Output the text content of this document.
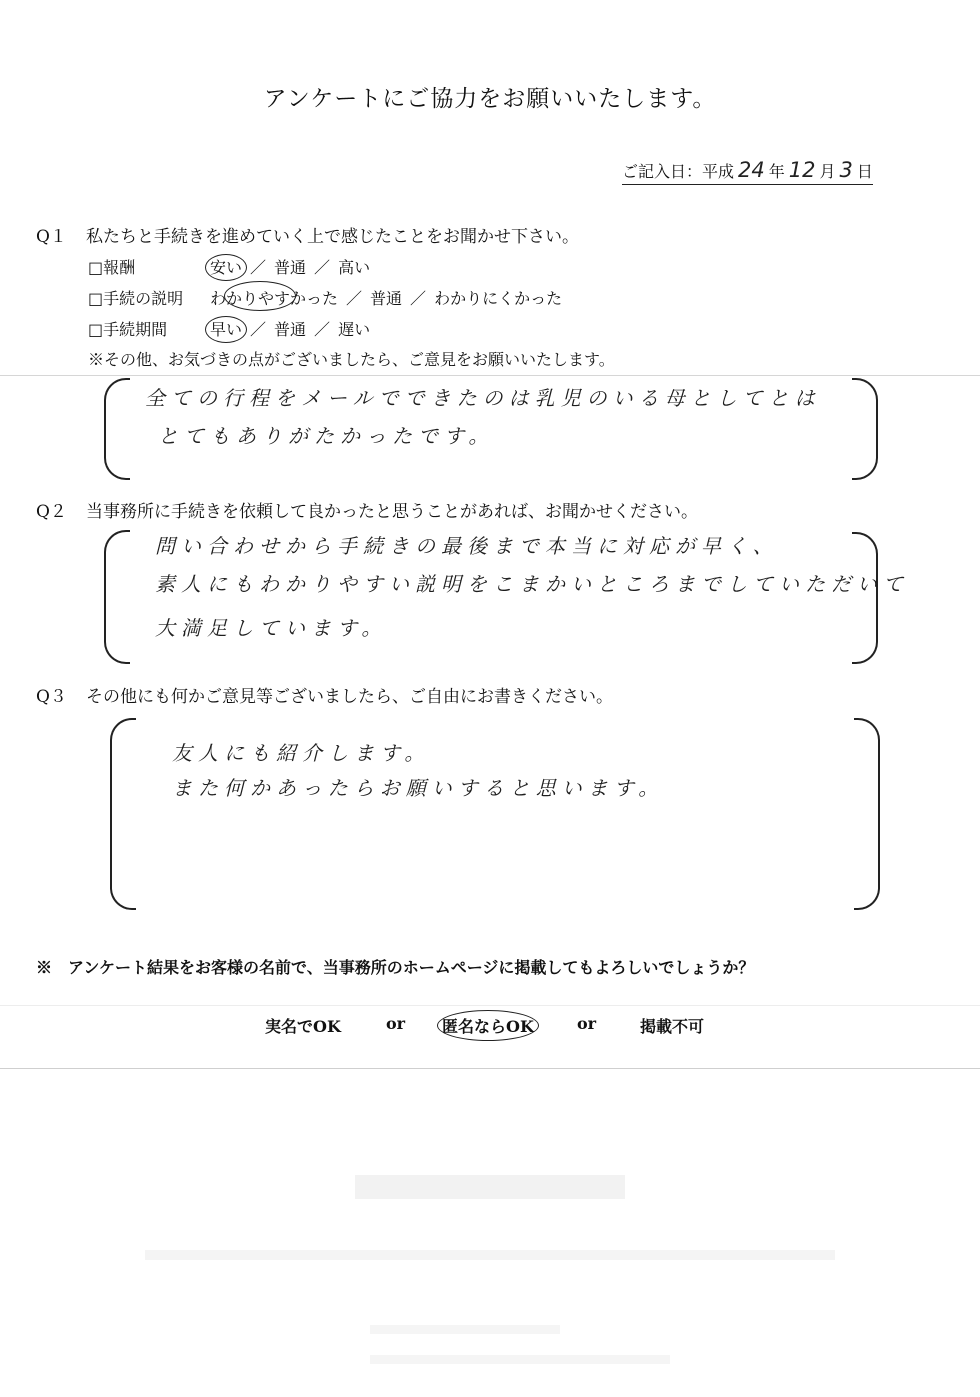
アンケートにご協力をお願いいたします。
ご記入日：平成 24 年 12 月 3 日
Q１ 私たちと手続きを進めていく上で感じたことをお聞かせ下さい。
□報酬	安い ／ 普通 ／ 高い
□手続の説明 わかりやすかった ／ 普通 ／ わかりにくかった
□手続期間	早い ／ 普通 ／ 遅い
※その他、お気づきの点がございましたら、ご意見をお願いいたします。
全ての行程をメールでできたのは乳児のいる母としてとは
とてもありがたかったです。
Q２ 当事務所に手続きを依頼して良かったと思うことがあれば、お聞かせください。
問い合わせから手続きの最後まで本当に対応が早く、
素人にもわかりやすい説明をこまかいところまでしていただいて
大満足しています。
Q３ その他にも何かご意見等ございましたら、ご自由にお書きください。
友人にも紹介します。
また何かあったらお願いすると思います。
※　アンケート結果をお客様の名前で、当事務所のホームページに掲載してもよろしいでしょうか？
実名でOK	or 匿名ならOK	or	掲載不可
